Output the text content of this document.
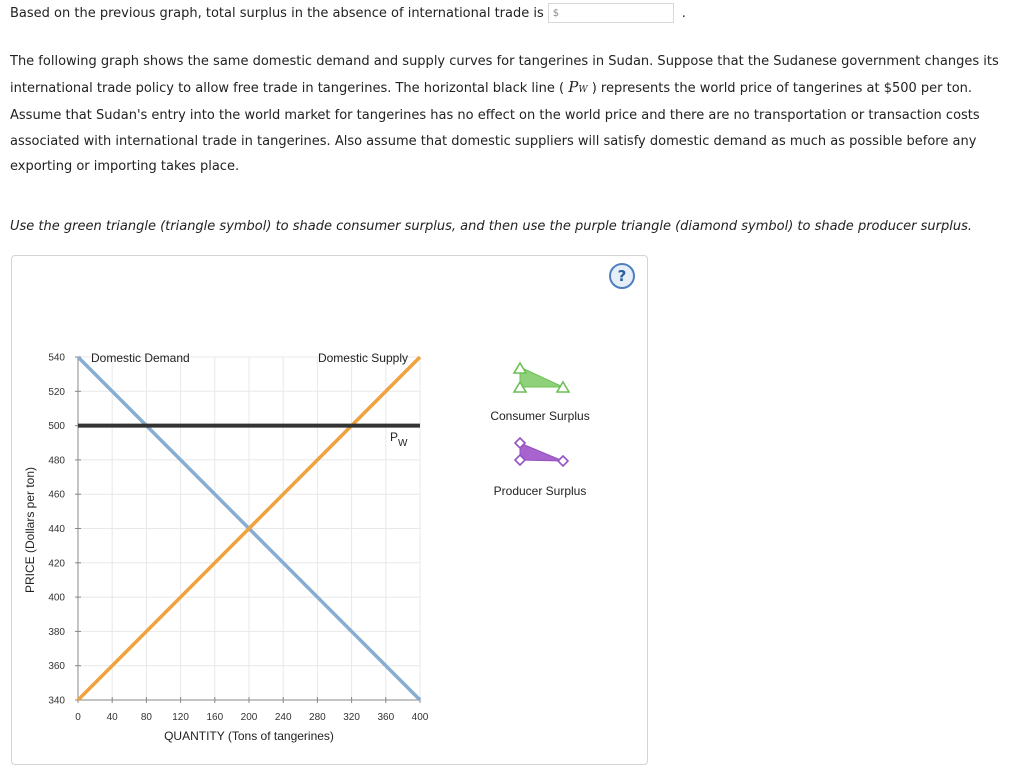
Based on the previous graph, total surplus in the absence of international trade is $	.

The following graph shows the same domestic demand and supply curves for tangerines in Sudan. Suppose that the Sudanese government changes its international trade policy to allow free trade in tangerines. The horizontal black line ( PW ) represents the world price of tangerines at $500 per ton. Assume that Sudan's entry into the world market for tangerines has no effect on the world price and there are no transportation or transaction costs associated with international trade in tangerines. Also assume that domestic suppliers will satisfy domestic demand as much as possible before any exporting or importing takes place.

Use the green triangle (triangle symbol) to shade consumer surplus, and then use the purple triangle (diamond symbol) to shade producer surplus.
?
0	40 80 120 160 200 240 280 320 360 400
340
360
380
400
420
440
460
480
500
520
540 Domestic Demand	Domestic Supply
$P_W$
PRICE (Dollars per ton)
QUANTITY (Tons of tangerines)
Consumer Surplus
Producer Surplus
